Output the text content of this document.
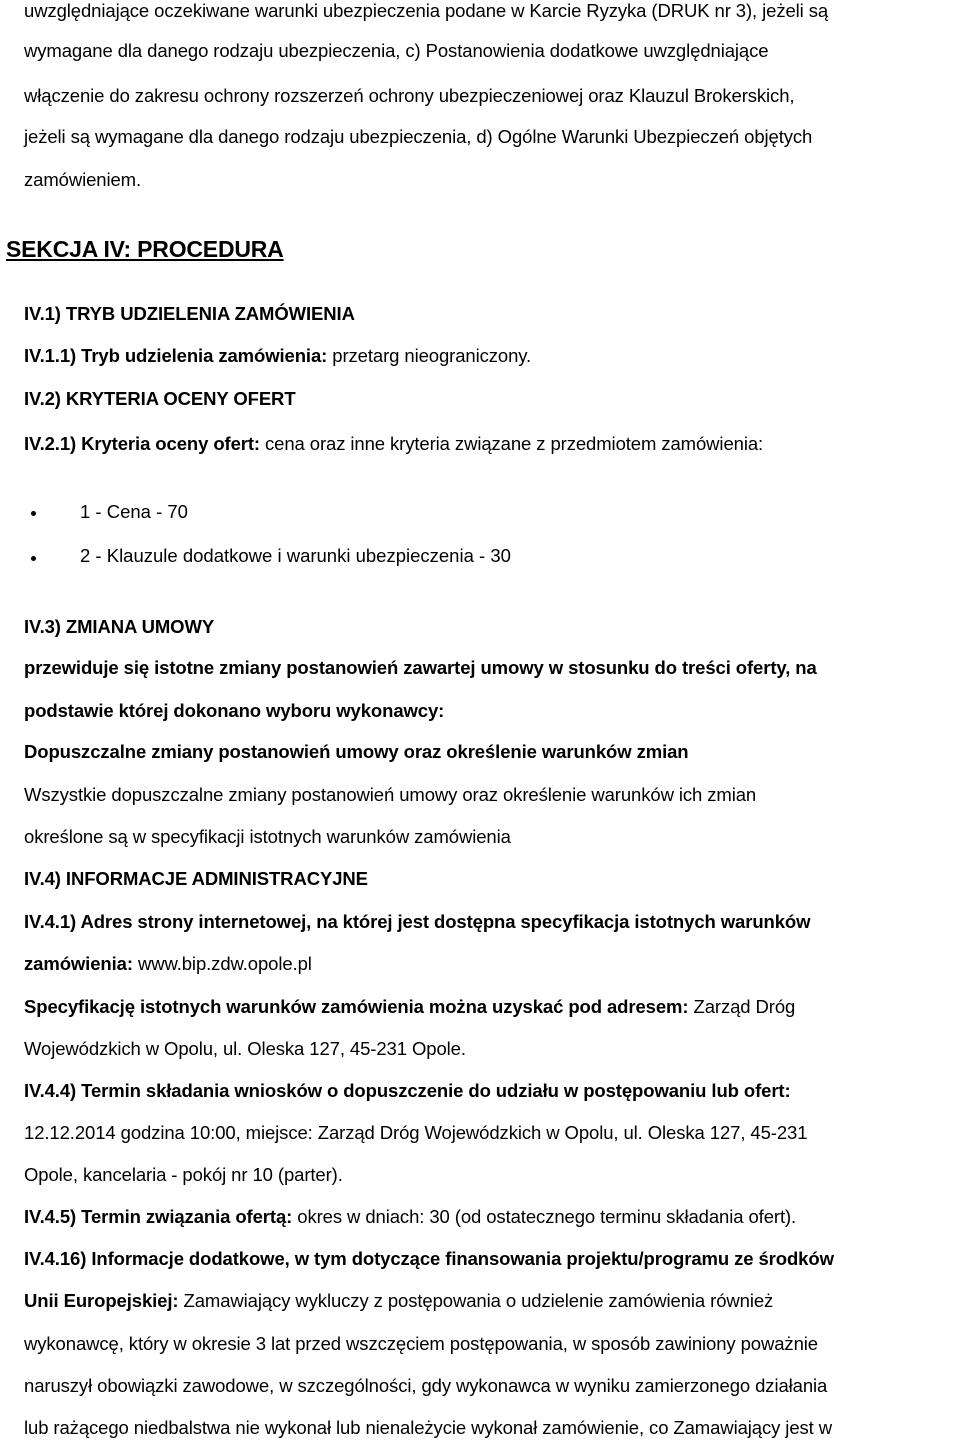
uwzględniające oczekiwane warunki ubezpieczenia podane w Karcie Ryzyka (DRUK nr 3), jeżeli są

wymagane dla danego rodzaju ubezpieczenia, c) Postanowienia dodatkowe uwzględniające

włączenie do zakresu ochrony rozszerzeń ochrony ubezpieczeniowej oraz Klauzul Brokerskich,

jeżeli są wymagane dla danego rodzaju ubezpieczenia, d) Ogólne Warunki Ubezpieczeń objętych

zamówieniem.

SEKCJA IV: PROCEDURA

IV.1) TRYB UDZIELENIA ZAMÓWIENIA

IV.1.1) Tryb udzielenia zamówienia: przetarg nieograniczony.

IV.2) KRYTERIA OCENY OFERT

IV.2.1) Kryteria oceny ofert: cena oraz inne kryteria związane z przedmiotem zamówienia:

1 - Cena - 70
2 - Klauzule dodatkowe i warunki ubezpieczenia - 30

IV.3) ZMIANA UMOWY

przewiduje się istotne zmiany postanowień zawartej umowy w stosunku do treści oferty, na

podstawie której dokonano wyboru wykonawcy:

Dopuszczalne zmiany postanowień umowy oraz określenie warunków zmian

Wszystkie dopuszczalne zmiany postanowień umowy oraz określenie warunków ich zmian

określone są w specyfikacji istotnych warunków zamówienia

IV.4) INFORMACJE ADMINISTRACYJNE

IV.4.1) Adres strony internetowej, na której jest dostępna specyfikacja istotnych warunków

zamówienia: www.bip.zdw.opole.pl

Specyfikację istotnych warunków zamówienia można uzyskać pod adresem: Zarząd Dróg

Wojewódzkich w Opolu, ul. Oleska 127, 45-231 Opole.

IV.4.4) Termin składania wniosków o dopuszczenie do udziału w postępowaniu lub ofert:

12.12.2014 godzina 10:00, miejsce: Zarząd Dróg Wojewódzkich w Opolu, ul. Oleska 127, 45-231

Opole, kancelaria - pokój nr 10 (parter).

IV.4.5) Termin związania ofertą: okres w dniach: 30 (od ostatecznego terminu składania ofert).

IV.4.16) Informacje dodatkowe, w tym dotyczące finansowania projektu/programu ze środków

Unii Europejskiej: Zamawiający wykluczy z postępowania o udzielenie zamówienia również

wykonawcę, który w okresie 3 lat przed wszczęciem postępowania, w sposób zawiniony poważnie

naruszył obowiązki zawodowe, w szczególności, gdy wykonawca w wyniku zamierzonego działania

lub rażącego niedbalstwa nie wykonał lub nienależycie wykonał zamówienie, co Zamawiający jest w
